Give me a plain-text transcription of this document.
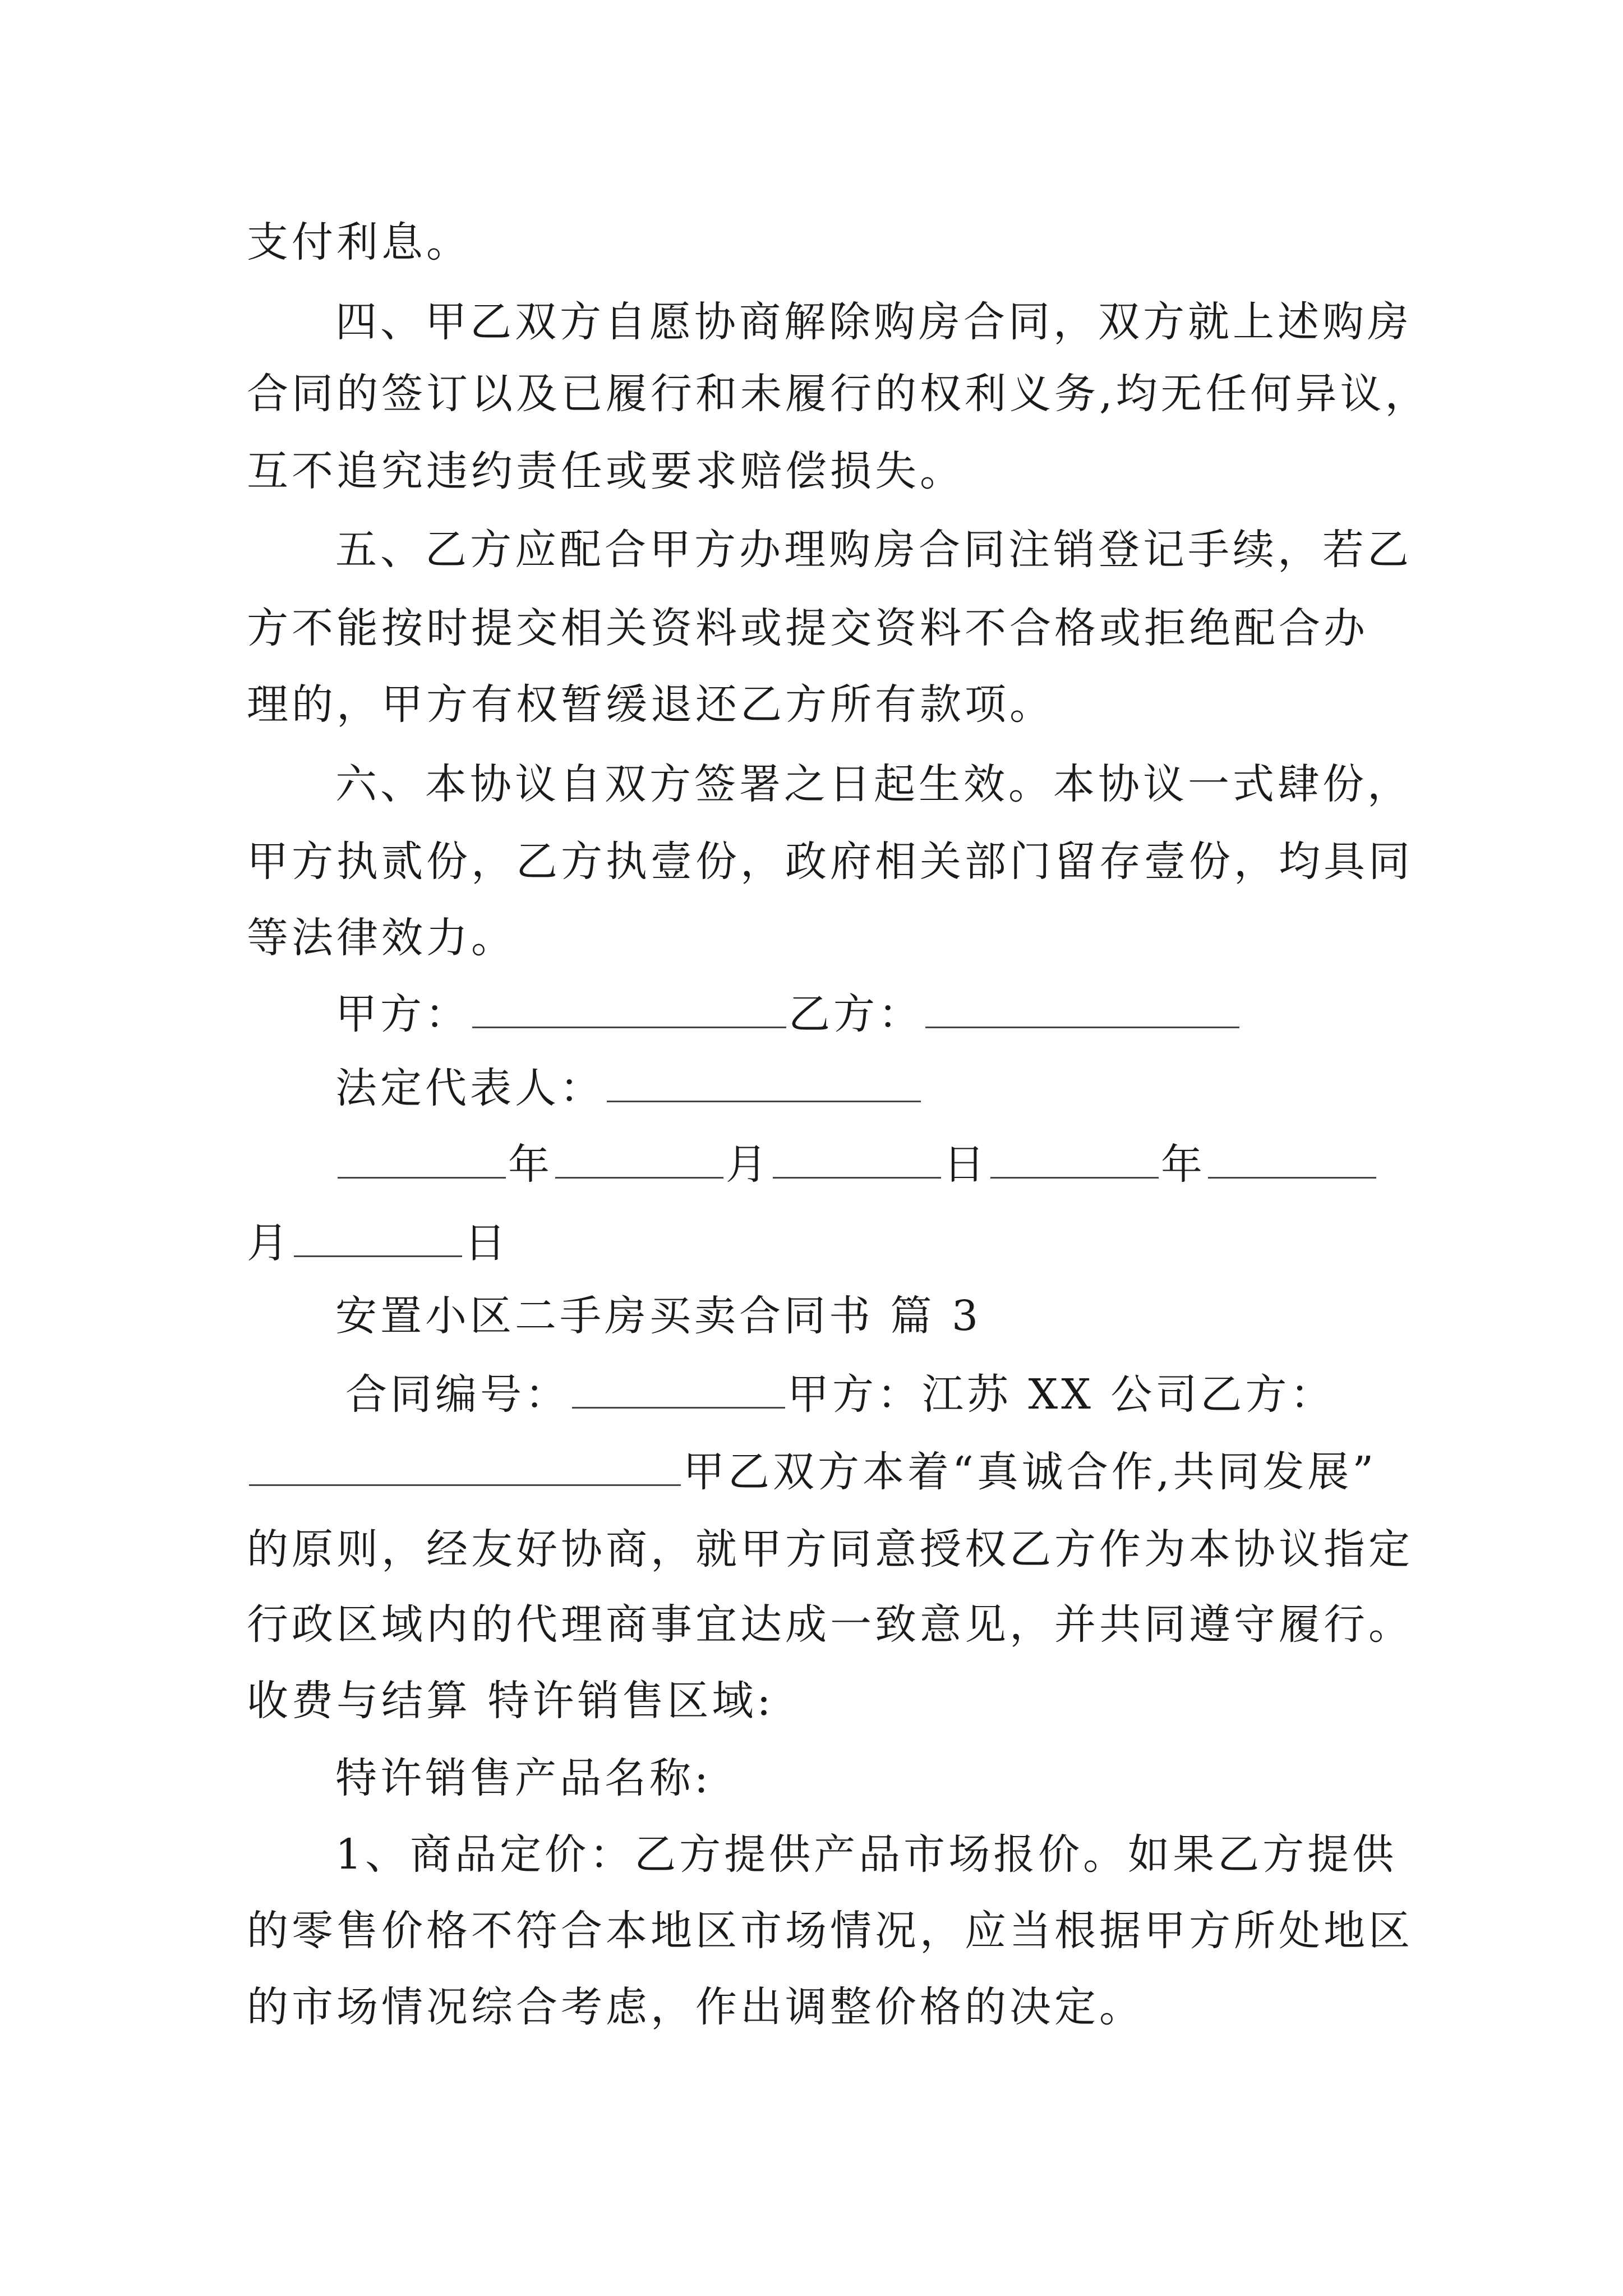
支付利息。
四、甲乙双方自愿协商解除购房合同，双方就上述购房
合同的签订以及已履行和未履行的权利义务,均无任何异议，
互不追究违约责任或要求赔偿损失。
五、乙方应配合甲方办理购房合同注销登记手续，若乙
方不能按时提交相关资料或提交资料不合格或拒绝配合办
理的，甲方有权暂缓退还乙方所有款项。
六、本协议自双方签署之日起生效。本协议一式肆份，
甲方执贰份，乙方执壹份，政府相关部门留存壹份，均具同
等法律效力。
甲方：	乙方：
法定代表人：
年	月	日	年
月	日
安置小区二手房买卖合同书 篇 3
合同编号：	甲方：江苏 XX 公司乙方：
甲乙双方本着“真诚合作,共同发展”
的原则，经友好协商，就甲方同意授权乙方作为本协议指定
行政区域内的代理商事宜达成一致意见，并共同遵守履行。
收费与结算 特许销售区域:
特许销售产品名称:
1、商品定价：乙方提供产品市场报价。如果乙方提供
的零售价格不符合本地区市场情况，应当根据甲方所处地区
的市场情况综合考虑，作出调整价格的决定。
